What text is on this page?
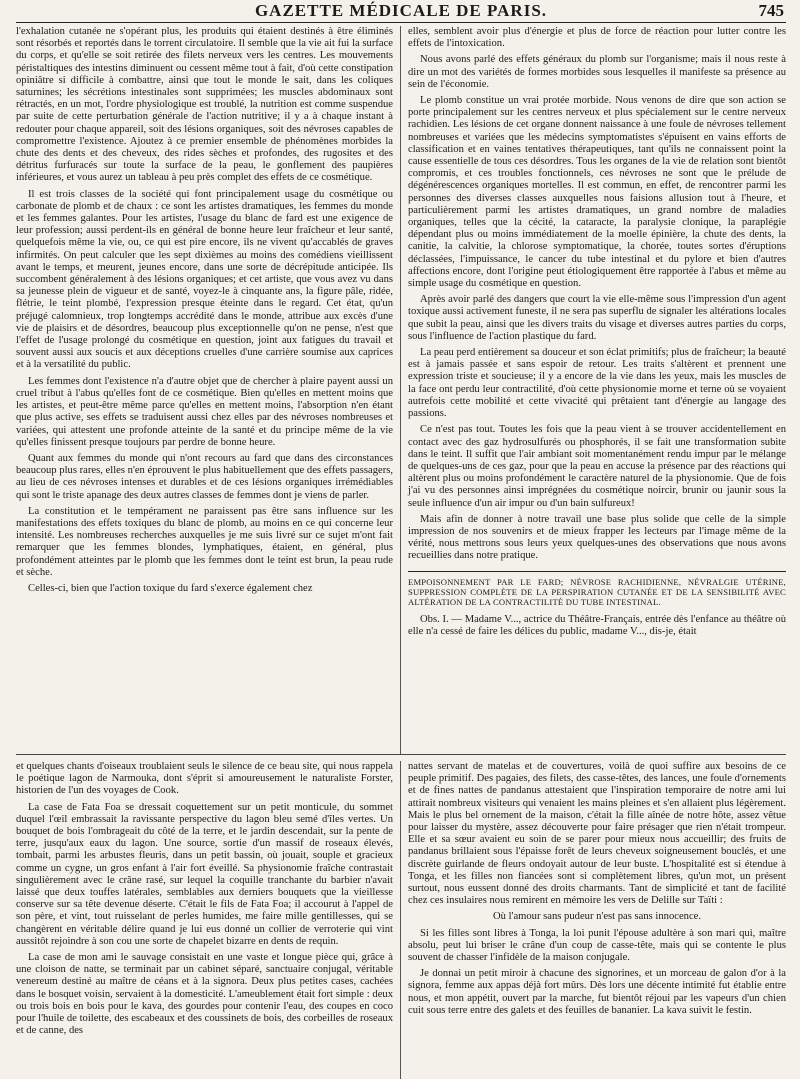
GAZETTE MÉDICALE DE PARIS.	745

l'exhalation cutanée ne s'opérant plus, les produits qui étaient destinés à être éliminés sont résorbés et reportés dans le torrent circulatoire. Il semble que la vie ait fui la surface du corps, et qu'elle se soit retirée des filets nerveux vers les centres. Les mouvements péristaltiques des intestins diminuent ou cessent même tout à fait, d'où cette constipation opiniâtre si difficile à combattre, ainsi que tout le monde le sait, dans les coliques saturnines; les sécrétions intestinales sont supprimées; les muscles abdominaux sont rétractés, en un mot, l'ordre physiologique est troublé, la nutrition est comme suspendue par suite de cette perturbation générale de l'action nutritive; il y a à chaque instant à redouter pour chaque appareil, soit des lésions organiques, soit des névroses capables de compromettre l'existence. Ajoutez à ce premier ensemble de phénomènes morbides la chute des dents et des cheveux, des rides sèches et profondes, des rugosites et des détritus furfuracés sur toute la surface de la peau, le gonflement des paupières inférieures, et vous aurez un tableau à peu près complet des effets de ce cosmétique.

Il est trois classes de la société qui font principalement usage du cosmétique ou carbonate de plomb et de chaux : ce sont les artistes dramatiques, les femmes du monde et les femmes galantes. Pour les artistes, l'usage du blanc de fard est une exigence de leur profession; aussi perdent-ils en général de bonne heure leur fraîcheur et leur santé, quelquefois même la vie, ou, ce qui est pire encore, ils ne vivent qu'accablés de graves infirmités. On peut calculer que les sept dixièmes au moins des comédiens vieillissent avant le temps, et meurent, jeunes encore, dans une sorte de décrépitude anticipée. Ils succombent généralement à des lésions organiques; et cet artiste, que vous avez vu dans sa jeunesse plein de vigueur et de santé, voyez-le à cinquante ans, la figure pâle, ridée, flétrie, le teint plombé, l'expression presque éteinte dans le regard. Cet état, qu'un préjugé calomnieux, trop longtemps accrédité dans le monde, attribue aux excès d'une vie de plaisirs et de désordres, beaucoup plus exceptionnelle qu'on ne pense, n'est que l'effet de l'usage prolongé du cosmétique en question, joint aux fatigues du travail et souvent aussi aux soucis et aux déceptions cruelles d'une carrière soumise aux caprices et à la versatilité du public.

Les femmes dont l'existence n'a d'autre objet que de chercher à plaire payent aussi un cruel tribut à l'abus qu'elles font de ce cosmétique. Bien qu'elles en mettent moins que les artistes, et peut-être même parce qu'elles en mettent moins, l'absorption n'en étant que plus active, ses effets se traduisent aussi chez elles par des névroses nombreuses et variées, qui attestent une profonde atteinte de la santé et du principe même de la vie qu'elles finissent presque toujours par perdre de bonne heure.

Quant aux femmes du monde qui n'ont recours au fard que dans des circonstances beaucoup plus rares, elles n'en éprouvent le plus habituellement que des effets passagers, au lieu de ces névroses intenses et durables et de ces lésions organiques irrémédiables qui sont le triste apanage des deux autres classes de femmes dont je viens de parler.

La constitution et le tempérament ne paraissent pas être sans influence sur les manifestations des effets toxiques du blanc de plomb, au moins en ce qui concerne leur intensité. Les nombreuses recherches auxquelles je me suis livré sur ce sujet m'ont fait remarquer que les femmes blondes, lymphatiques, étaient, en général, plus profondément atteintes par le plomb que les femmes dont le teint est brun, la peau rude et sèche.

Celles-ci, bien que l'action toxique du fard s'exerce également chez

elles, semblent avoir plus d'énergie et plus de force de réaction pour lutter contre les effets de l'intoxication.

Nous avons parlé des effets généraux du plomb sur l'organisme; mais il nous reste à dire un mot des variétés de formes morbides sous lesquelles il manifeste sa présence au sein de l'économie.

Le plomb constitue un vrai protée morbide. Nous venons de dire que son action se porte principalement sur les centres nerveux et plus spécialement sur le centre nerveux rachidien. Les lésions de cet organe donnent naissance à une foule de névroses tellement nombreuses et variées que les médecins symptomatistes s'épuisent en vains efforts de classification et en vaines tentatives thérapeutiques, tant qu'ils ne connaissent point la cause essentielle de tous ces désordres. Tous les organes de la vie de relation sont bientôt compromis, et ces troubles fonctionnels, ces névroses ne sont que le prélude de dégénérescences organiques mortelles. Il est commun, en effet, de rencontrer parmi les personnes des diverses classes auxquelles nous faisions allusion tout à l'heure, et particulièrement parmi les artistes dramatiques, un grand nombre de maladies organiques, telles que la cécité, la cataracte, la paralysie clonique, la paraplégie dépendant plus ou moins immédiatement de la moelle épinière, la chute des dents, la canitie, la calvitie, la chlorose symptomatique, la chorée, toutes sortes d'éruptions déclassées, l'impuissance, le cancer du tube intestinal et du pylore et bien d'autres affections encore, dont l'origine peut étiologiquement être rapportée à l'abus et même au simple usage du cosmétique en question.

Après avoir parlé des dangers que court la vie elle-même sous l'impression d'un agent toxique aussi activement funeste, il ne sera pas superflu de signaler les altérations locales que subit la peau, ainsi que les divers traits du visage et diverses autres parties du corps, sous l'influence de l'action plastique du fard.

La peau perd entièrement sa douceur et son éclat primitifs; plus de fraîcheur; la beauté est à jamais passée et sans espoir de retour. Les traits s'altèrent et prennent une expression triste et soucieuse; il y a encore de la vie dans les yeux, mais les muscles de la face ont perdu leur contractilité, d'où cette physionomie morne et terne où se voyaient autrefois cette mobilité et cette vivacité qui prêtaient tant d'énergie au langage des passions.

Ce n'est pas tout. Toutes les fois que la peau vient à se trouver accidentellement en contact avec des gaz hydrosulfurés ou phosphorés, il se fait une transformation subite dans le teint. Il suffit que l'air ambiant soit momentanément rendu impur par le mélange de quelques-uns de ces gaz, pour que la peau en accuse la présence par des réactions qui altèrent plus ou moins profondément le caractère naturel de la physionomie. Que de fois j'ai vu des personnes ainsi imprégnées du cosmétique noircir, brunir ou jaunir sous la seule influence d'un air impur ou d'un bain sulfureux!

Mais afin de donner à notre travail une base plus solide que celle de la simple impression de nos souvenirs et de mieux frapper les lecteurs par l'image même de la vérité, nous mettrons sous leurs yeux quelques-unes des observations que nous avons recueillies dans notre pratique.

EMPOISONNEMENT PAR LE FARD; NÉVROSE RACHIDIENNE, NÉVRALGIE UTÉRINE, SUPPRESSION COMPLÈTE DE LA PERSPIRATION CUTANÉE ET DE LA SENSIBILITÉ AVEC ALTÉRATION DE LA CONTRACTILITÉ DU TUBE INTESTINAL.

Obs. I. — Madame V..., actrice du Théâtre-Français, entrée dès l'enfance au théâtre où elle n'a cessé de faire les délices du public, madame V..., dis-je, était

et quelques chants d'oiseaux troublaient seuls le silence de ce beau site, qui nous rappela le poétique lagon de Narmouka, dont s'éprit si amoureusement le naturaliste Forster, historien de l'un des voyages de Cook.

La case de Fata Foa se dressait coquettement sur un petit monticule, du sommet duquel l'œil embrassait la ravissante perspective du lagon bleu semé d'îles vertes. Un bouquet de bois l'ombrageait du côté de la terre, et le jardin descendait, sur la pente de terre, jusqu'aux eaux du lagon. Une source, sortie d'un massif de roseaux élevés, tombait, parmi les arbustes fleuris, dans un petit bassin, où jouait, souple et gracieux comme un cygne, un gros enfant à l'air fort éveillé. Sa physionomie fraîche contrastait singulièrement avec le crâne rasé, sur lequel la coquille tranchante du barbier n'avait laissé que deux touffes latérales, semblables aux derniers bouquets que la vieillesse conserve sur sa tête devenue déserte. C'était le fils de Fata Foa; il accourut à l'appel de son père, et vint, tout ruisselant de perles humides, me faire mille gentillesses, qui se changèrent en véritable délire quand je lui eus donné un collier de verroterie qui vint aussitôt rejoindre à son cou une sorte de chapelet bizarre en dents de requin.

La case de mon ami le sauvage consistait en une vaste et longue pièce qui, grâce à une cloison de natte, se terminait par un cabinet séparé, sanctuaire conjugal, véritable venereum destiné au maître de céans et à la signora. Deux plus petites cases, cachées dans le bosquet voisin, servaient à la domesticité. L'ameublement était fort simple : deux ou trois bois en bois pour le kava, des gourdes pour contenir l'eau, des coupes en coco pour l'huile de toilette, des escabeaux et des coussinets de bois, des corbeilles de roseaux et de canne, des

nattes servant de matelas et de couvertures, voilà de quoi suffire aux besoins de ce peuple primitif. Des pagaies, des filets, des casse-têtes, des lances, une foule d'ornements et de fines nattes de pandanus attestaient que l'inspiration temporaire de notre ami lui attirait nombreux visiteurs qui venaient les mains pleines et s'en allaient plus légèrement. Mais le plus bel ornement de la maison, c'était la fille aînée de notre hôte, assez vêtue pour laisser du mystère, assez découverte pour faire présager que rien n'était trompeur. Elle et sa sœur avaient eu soin de se parer pour mieux nous accueillir; des fruits de pandanus brillaient sous l'épaisse forêt de leurs cheveux soigneusement bouclés, et une discrète guirlande de fleurs ondoyait autour de leur buste. L'hospitalité est si étendue à Tonga, et les filles non fiancées sont si complètement libres, qu'un mot, un présent surtout, nous eussent donné des droits charmants. Tant de simplicité et tant de facilité chez ces insulaires nous remirent en mémoire les vers de Delille sur Taïti :

Où l'amour sans pudeur n'est pas sans innocence.

Si les filles sont libres à Tonga, la loi punit l'épouse adultère à son mari qui, maître absolu, peut lui briser le crâne d'un coup de casse-tête, mais qui se contente le plus souvent de chasser l'infidèle de la maison conjugale.

Je donnai un petit miroir à chacune des signorines, et un morceau de galon d'or à la signora, femme aux appas déjà fort mûrs. Dès lors une décente intimité fut établie entre nous, et mon appétit, ouvert par la marche, fut bientôt réjoui par les vapeurs d'un chien cuit sous terre entre des galets et des feuilles de bananier. La kava suivit le festin.
